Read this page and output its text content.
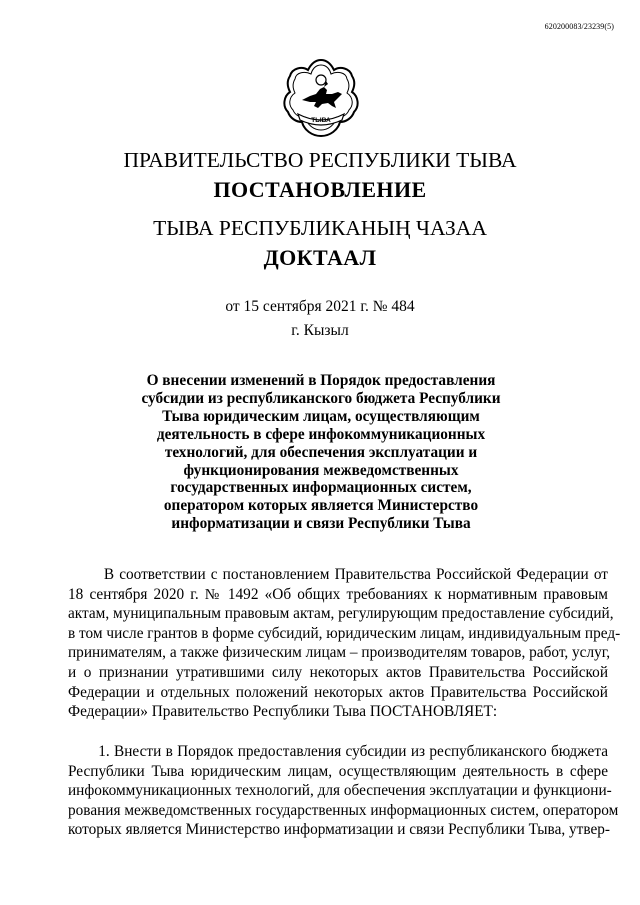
620200083/23239(5)
ТЫВА
ПРАВИТЕЛЬСТВО РЕСПУБЛИКИ ТЫВА
ПОСТАНОВЛЕНИЕ
ТЫВА РЕСПУБЛИКАНЫҢ ЧАЗАА
ДОКТААЛ
от 15 сентября 2021 г. № 484
г. Кызыл
О внесении изменений в Порядок предоставления
субсидии из республиканского бюджета Республики
Тыва юридическим лицам, осуществляющим
деятельность в сфере инфокоммуникационных
технологий, для обеспечения эксплуатации и
функционирования межведомственных
государственных информационных систем,
оператором которых является Министерство
информатизации и связи Республики Тыва
В соответствии с постановлением Правительства Российской Федерации от
18 сентября 2020 г. № 1492 «Об общих требованиях к нормативным правовым
актам, муниципальным правовым актам, регулирующим предоставление субсидий,
в том числе грантов в форме субсидий, юридическим лицам, индивидуальным пред-
принимателям, а также физическим лицам – производителям товаров, работ, услуг,
и о признании утратившими силу некоторых актов Правительства Российской
Федерации и отдельных положений некоторых актов Правительства Российской
Федерации» Правительство Республики Тыва ПОСТАНОВЛЯЕТ:
1. Внести в Порядок предоставления субсидии из республиканского бюджета
Республики Тыва юридическим лицам, осуществляющим деятельность в сфере
инфокоммуникационных технологий, для обеспечения эксплуатации и функциони-
рования межведомственных государственных информационных систем, оператором
которых является Министерство информатизации и связи Республики Тыва, утвер-
